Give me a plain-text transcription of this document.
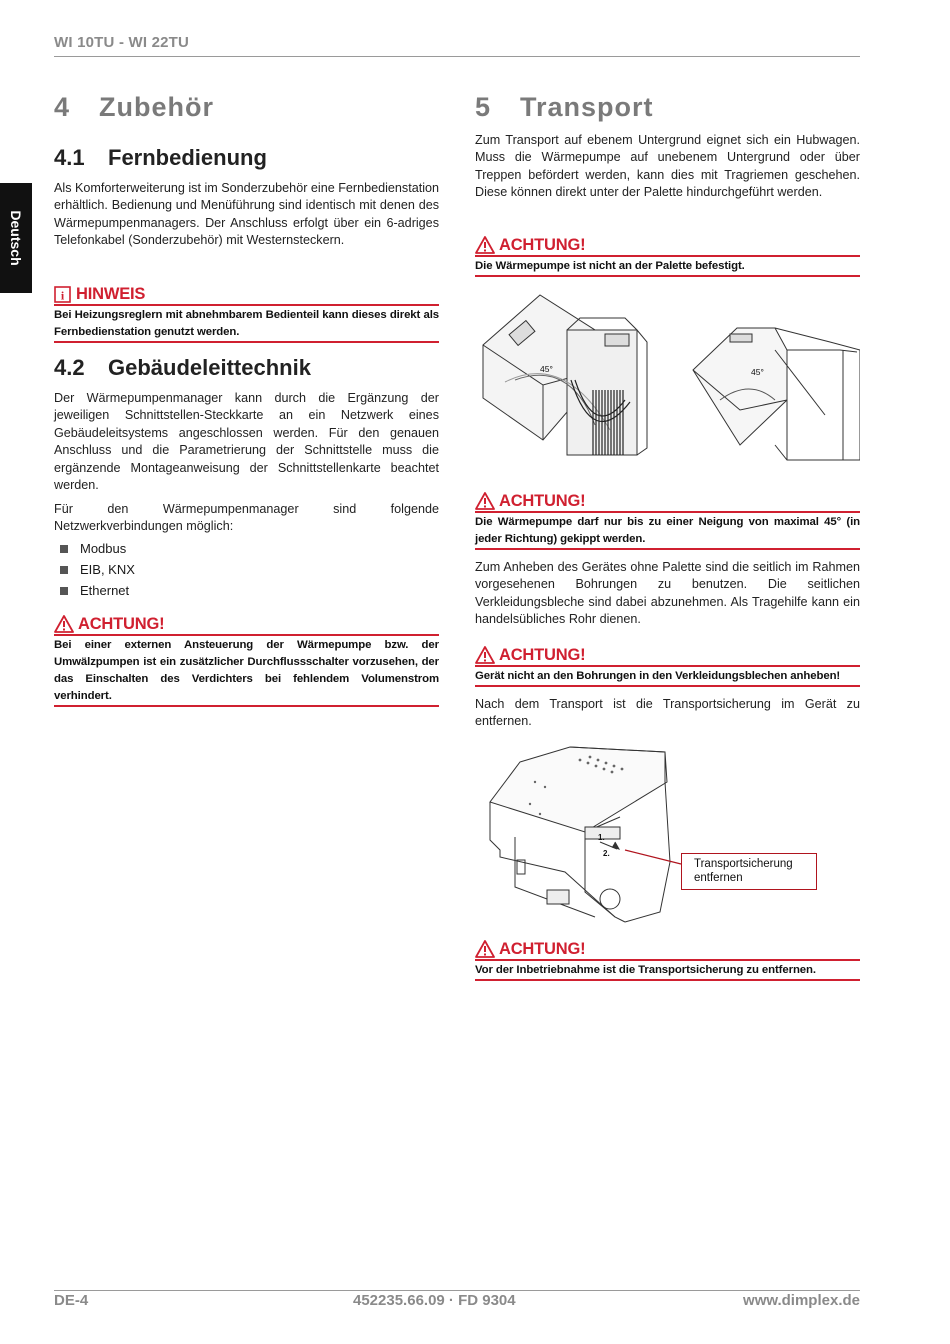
WI 10TU - WI 22TU
Deutsch
4 Zubehör
4.1 Fernbedienung
Als Komforterweiterung ist im Sonderzubehör eine Fernbedienstation erhältlich. Bedienung und Menüführung sind identisch mit denen des Wärmepumpenmanagers. Der Anschluss erfolgt über ein 6-adriges Telefonkabel (Sonderzubehör) mit Westernsteckern.
i HINWEIS
Bei Heizungsreglern mit abnehmbarem Bedienteil kann dieses direkt als Fernbedienstation genutzt werden.
4.2 Gebäudeleittechnik
Der Wärmepumpenmanager kann durch die Ergänzung der jeweiligen Schnittstellen-Steckkarte an ein Netzwerk eines Gebäudeleitsystems angeschlossen werden. Für den genauen Anschluss und die Parametrierung der Schnittstelle muss die ergänzende Montageanweisung der Schnittstellenkarte beachtet werden.
Für den Wärmepumpenmanager sind folgende Netzwerkverbindungen möglich:
Modbus
EIB, KNX
Ethernet
ACHTUNG!
Bei einer externen Ansteuerung der Wärmepumpe bzw. der Umwälzpumpen ist ein zusätzlicher Durchflussschalter vorzusehen, der das Einschalten des Verdichters bei fehlendem Volumenstrom verhindert.
5 Transport
Zum Transport auf ebenem Untergrund eignet sich ein Hubwagen. Muss die Wärmepumpe auf unebenem Untergrund oder über Treppen befördert werden, kann dies mit Tragriemen geschehen. Diese können direkt unter der Palette hindurchgeführt werden.
ACHTUNG!
Die Wärmepumpe ist nicht an der Palette befestigt.
45°	45°
ACHTUNG!
Die Wärmepumpe darf nur bis zu einer Neigung von maximal 45° (in jeder Richtung) gekippt werden.
Zum Anheben des Gerätes ohne Palette sind die seitlich im Rahmen vorgesehenen Bohrungen zu benutzen. Die seitlichen Verkleidungsbleche sind dabei abzunehmen. Als Tragehilfe kann ein handelsübliches Rohr dienen.
ACHTUNG!
Gerät nicht an den Bohrungen in den Verkleidungsblechen anheben!
Nach dem Transport ist die Transportsicherung im Gerät zu entfernen.
1.
2.
Transportsicherung entfernen
ACHTUNG!
Vor der Inbetriebnahme ist die Transportsicherung zu entfernen.
DE-4	452235.66.09 · FD 9304	www.dimplex.de
